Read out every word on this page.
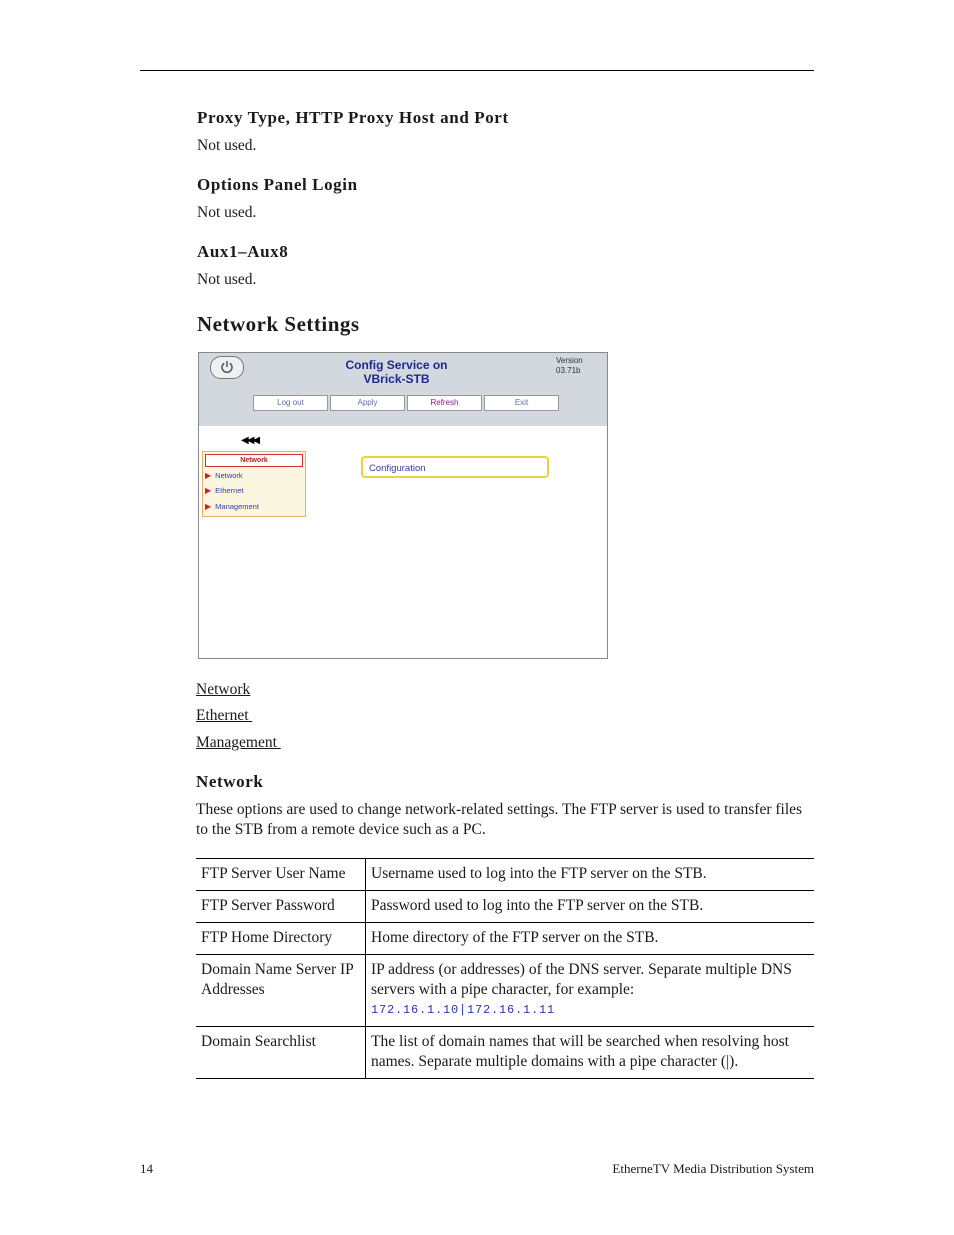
Proxy Type, HTTP Proxy Host and Port
Not used.
Options Panel Login
Not used.
Aux1–Aux8
Not used.
Network Settings
Config Service on
VBrick-STB
Version
03.71b
Log out	Apply	Refresh	Exit
◀◀◀
Network
▶ Network
▶ Ethernet
▶ Management
Configuration
Network
Ethernet
Management
Network
These options are used to change network-related settings. The FTP server is used to transfer files to the STB from a remote device such as a PC.
FTP Server User Name	Username used to log into the FTP server on the STB.
FTP Server Password	Password used to log into the FTP server on the STB.
FTP Home Directory	Home directory of the FTP server on the STB.
Domain Name Server IP Addresses	IP address (or addresses) of the DNS server. Separate multiple DNS servers with a pipe character, for example:
172.16.1.10|172.16.1.11

Domain Searchlist	The list of domain names that will be searched when resolving host names. Separate multiple domains with a pipe character (|).
14	EtherneTV Media Distribution System
